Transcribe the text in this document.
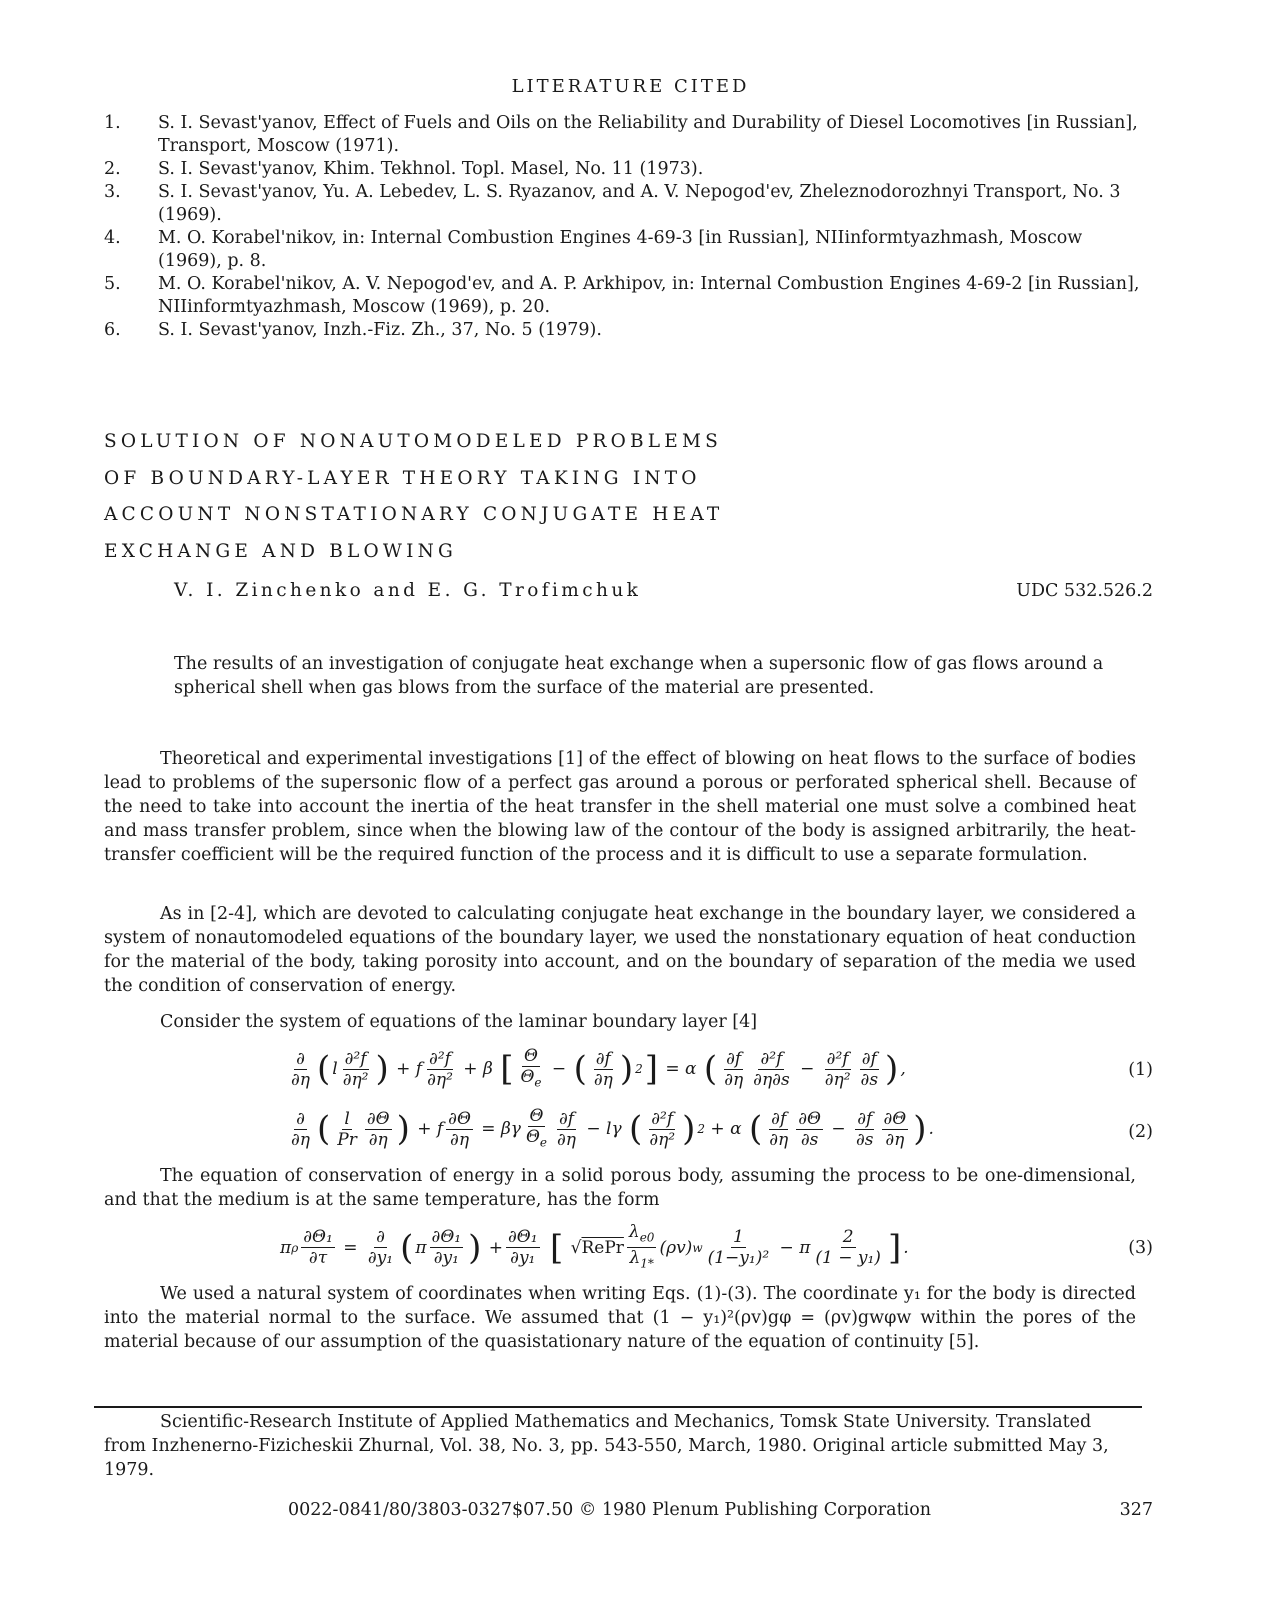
LITERATURE CITED

1. S. I. Sevast'yanov, Effect of Fuels and Oils on the Reliability and Durability of Diesel Locomotives [in Russian], Transport, Moscow (1971).

2. S. I. Sevast'yanov, Khim. Tekhnol. Topl. Masel, No. 11 (1973).

3. S. I. Sevast'yanov, Yu. A. Lebedev, L. S. Ryazanov, and A. V. Nepogod'ev, Zheleznodorozhnyi Transport, No. 3 (1969).

4. M. O. Korabel'nikov, in: Internal Combustion Engines 4-69-3 [in Russian], NIIinformtyazhmash, Moscow (1969), p. 8.

5. M. O. Korabel'nikov, A. V. Nepogod'ev, and A. P. Arkhipov, in: Internal Combustion Engines 4-69-2 [in Russian], NIIinformtyazhmash, Moscow (1969), p. 20.

6. S. I. Sevast'yanov, Inzh.-Fiz. Zh., 37, No. 5 (1979).

SOLUTION OF NONAUTOMODELED PROBLEMS
OF BOUNDARY-LAYER THEORY TAKING INTO
ACCOUNT NONSTATIONARY CONJUGATE HEAT
EXCHANGE AND BLOWING
V. I. Zinchenko and E. G. Trofimchuk	UDC 532.526.2
The results of an investigation of conjugate heat exchange when a supersonic flow of gas flows around a spherical shell when gas blows from the surface of the material are presented.

Theoretical and experimental investigations [1] of the effect of blowing on heat flows to the surface of bodies lead to problems of the supersonic flow of a perfect gas around a porous or perforated spherical shell. Because of the need to take into account the inertia of the heat transfer in the shell material one must solve a combined heat and mass transfer problem, since when the blowing law of the contour of the body is assigned arbitrarily, the heat-transfer coefficient will be the required function of the process and it is difficult to use a separate formulation.

As in [2-4], which are devoted to calculating conjugate heat exchange in the boundary layer, we considered a system of nonautomodeled equations of the boundary layer, we used the nonstationary equation of heat conduction for the material of the body, taking porosity into account, and on the boundary of separation of the media we used the condition of conservation of energy.

Consider the system of equations of the laminar boundary layer [4]

$\frac{\partial}{\partial\eta}$ ( l $\frac{\text{∂²f}}{\text{∂η²}}$ ) + f $\frac{\text{∂²f}}{\text{∂η²}} + \beta$ [ $\frac{\Theta}{\Theta_e}$ − ( $\frac{\partial f}{\partial\eta}$ ) 2 ] = α ( $\frac{\partial f}{\partial\eta} \frac{\text{∂²f}}{\partial\eta\partial s} - \frac{\text{∂²f}}{\text{∂η²}} \frac{\partial f}{\partial s}$ ) ,	(1)
$\frac{\partial}{\partial\eta}$ ( $\frac{l}{Pr} \frac{\partial\Theta}{\partial\eta}$ ) + f $\frac{\partial\Theta}{\partial\eta} = \beta\gamma \frac{\Theta}{\Theta_e} \frac{\partial f}{\partial\eta} - l\gamma$ ( $\frac{\text{∂²f}}{\text{∂η²}}$ ) 2 + α ( $\frac{\partial f}{\partial\eta} \frac{\partial\Theta}{\partial s} - \frac{\partial f}{\partial s} \frac{\partial\Theta}{\partial\eta}$ ) .	(2)

The equation of conservation of energy in a solid porous body, assuming the process to be one-dimensional, and that the medium is at the same temperature, has the form

π ρ $\frac{\text{∂Θ₁}}{\partial\tau} = \frac{\partial}{\text{∂y₁}}$ ( π $\frac{\text{∂Θ₁}}{\text{∂y₁}}$ ) + $\frac{\text{∂Θ₁}}{\text{∂y₁}}$
[ √ RePr $\frac{\lambda_{e0}}{\lambda_{1*}} (\rho v)$ w $\frac{1}{\text{(1−y₁)²}} - \pi \frac{2}{\text{(1 − y₁)}}$ ] .	(3)

We used a natural system of coordinates when writing Eqs. (1)-(3). The coordinate y₁ for the body is directed into the material normal to the surface. We assumed that (1 − y₁)²(ρv)gφ = (ρv)gwφw within the pores of the material because of our assumption of the quasistationary nature of the equation of continuity [5].

Scientific-Research Institute of Applied Mathematics and Mechanics, Tomsk State University. Translated from Inzhenerno-Fizicheskii Zhurnal, Vol. 38, No. 3, pp. 543-550, March, 1980. Original article submitted May 3, 1979.

0022-0841/80/3803-0327$07.50 © 1980 Plenum Publishing Corporation	327
